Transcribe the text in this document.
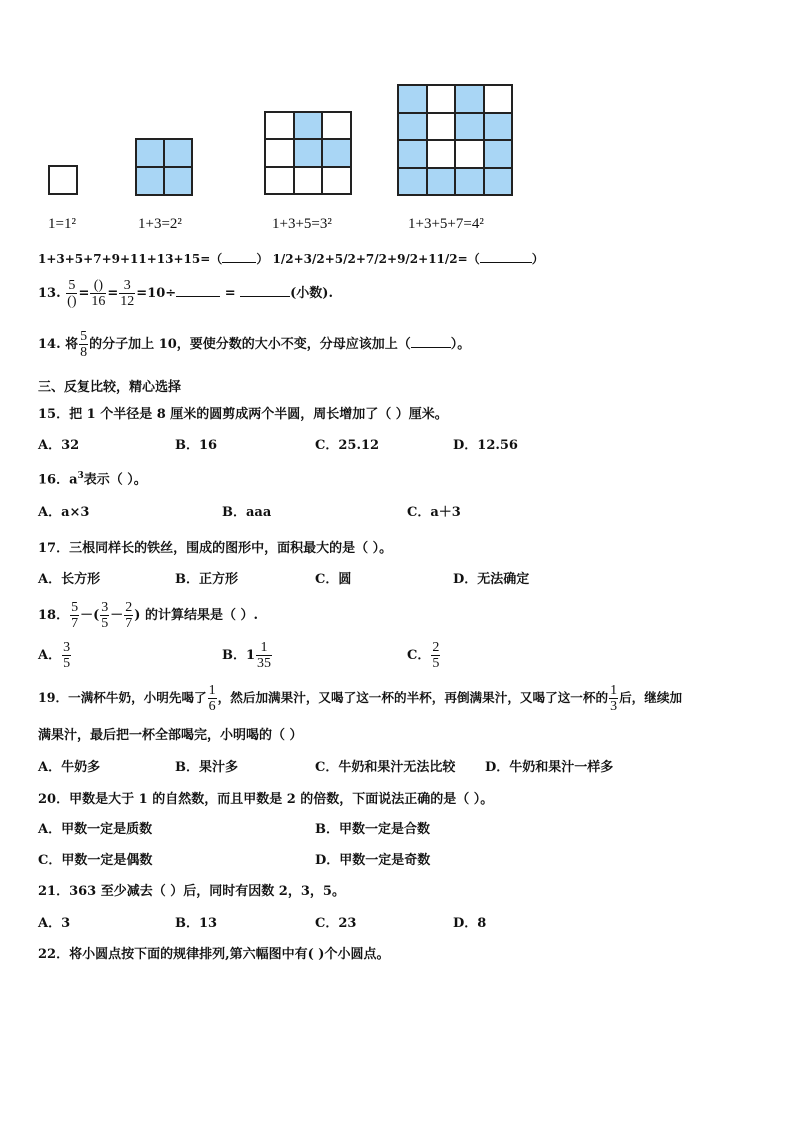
1=1²	1+3=2²	1+3+5=3²	1+3+5+7=4²
1+3+5+7+9+11+13+15=（	） 1/2+3/2+5/2+7/2+9/2+11/2=（	）
13. $\frac{5}{()} = \frac{()}{16} = \frac{3}{12} =10\div$	=	(小数).
14. 将 $\frac{5}{8}$ 的分子加上 10，要使分数的大小不变，分母应该加上（	）。
三、反复比较，精心选择
15．把 1 个半径是 8 厘米的圆剪成两个半圆，周长增加了（ ）厘米。
A．32	B．16	C．25.12	D．12.56
16．$a^3$表示（ ）。
A．a×3	B．aaa	C．a＋3
17．三根同样长的铁丝，围成的图形中，面积最大的是（ ）。
A．长方形	B．正方形	C．圆	D．无法确定
18． $\frac{5}{7}$ －( $\frac{3}{5} - \frac{2}{7}$ ) 的计算结果是（ ）.
A． $\frac{3}{5}$	B．$1 \frac{1}{35}$	C． $\frac{2}{5}$
19．一满杯牛奶，小明先喝了 $\frac{1}{6}$ ，然后加满果汁，又喝了这一杯的半杯，再倒满果汁，又喝了这一杯的 $\frac{1}{3}$ 后，继续加
满果汁，最后把一杯全部喝完，小明喝的（ ）
A．牛奶多	B．果汁多	C．牛奶和果汁无法比较 D．牛奶和果汁一样多
20．甲数是大于 1 的自然数，而且甲数是 2 的倍数，下面说法正确的是（ ）。
A．甲数一定是质数	B．甲数一定是合数
C．甲数一定是偶数	D．甲数一定是奇数
21．363 至少减去（ ）后，同时有因数 2，3，5。
A．3	B．13	C．23	D．8
22．将小圆点按下面的规律排列,第六幅图中有( )个小圆点。
